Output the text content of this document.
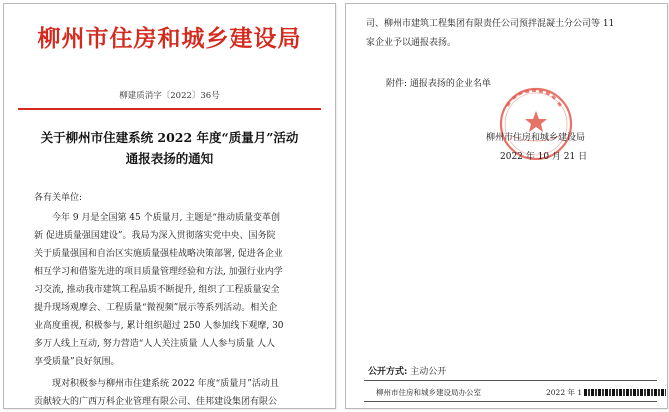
柳州市住房和城乡建设局
柳建质消字〔2022〕36号
关于柳州市住建系统 2022 年度“质量月”活动
通报表扬的通知
各有关单位:
今年 9 月是全国第 45 个质量月, 主题是“推动质量变革创
新 促进质量强国建设”。我局为深入贯彻落实党中央、国务院
关于质量强国和自治区实施质量强桂战略决策部署, 促进各企业
相互学习和借鉴先进的项目质量管理经验和方法, 加强行业内学
习交流, 推动我市建筑工程品质不断提升, 组织了工程质量安全
提升现场观摩会、工程质量“微视频”展示等系列活动。相关企
业高度重视, 积极参与, 累计组织超过 250 人参加线下观摩, 30
多万人线上互动, 努力营造“人人关注质量 人人参与质量 人人
享受质量”良好氛围。
现对积极参与柳州市住建系统 2022 年度“质量月”活动且
贡献较大的广西万科企业管理有限公司、佳邦建设集团有限公
司、柳州市建筑工程集团有限责任公司预拌混凝土分公司等 11
家企业予以通报表扬。
附件: 通报表扬的企业名单
柳州市住房和城乡建设局
2022 年 10 月 21 日
公开方式: 主动公开
柳州市住房和城乡建设局办公室	2022 年 1
